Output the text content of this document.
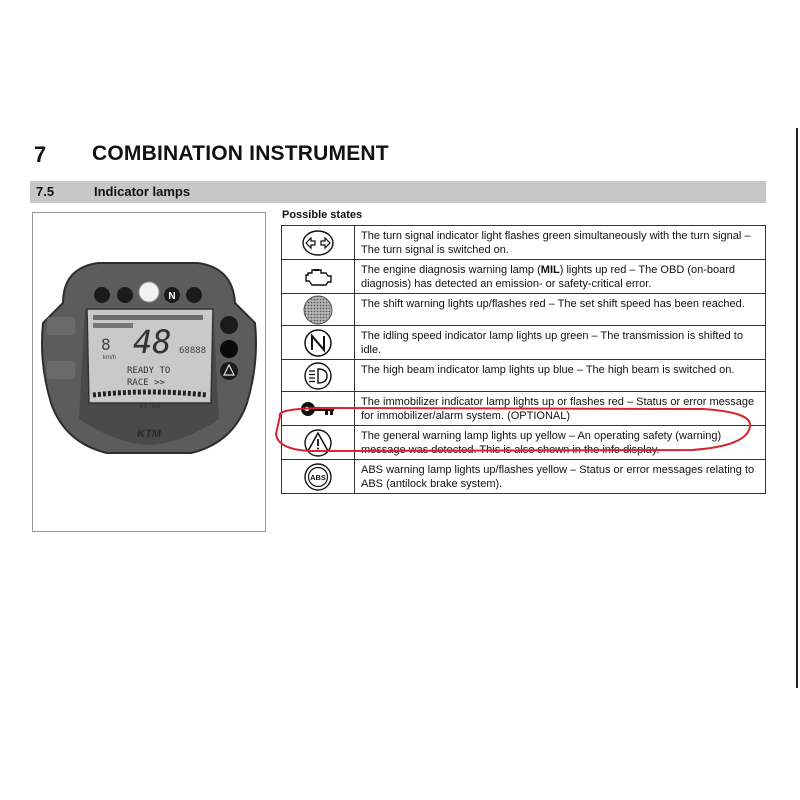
7 COMBINATION INSTRUMENT
7.5	Indicator lamps
N
8
km/h 48 68888
READY TO
RACE >>
88:88
KTM
Possible states
	The turn signal indicator light flashes green simultaneously with the turn signal – The turn signal is switched on.

	The engine diagnosis warning lamp (MIL) lights up red – The OBD (on-board diagnosis) has detected an emission- or safety-critical error.

	The shift warning lights up/flashes red – The set shift speed has been reached.

	The idling speed indicator lamp lights up green – The transmission is shifted to idle.

	The high beam indicator lamp lights up blue – The high beam is switched on.

	The immobilizer indicator lamp lights up or flashes red – Status or error message for immobilizer/alarm system. (OPTIONAL)

	The general warning lamp lights up yellow – An operating safety (warning) message was detected. This is also shown in the info display.

ABS	ABS warning lamp lights up/flashes yellow – Status or error messages relating to ABS (antilock brake system).
